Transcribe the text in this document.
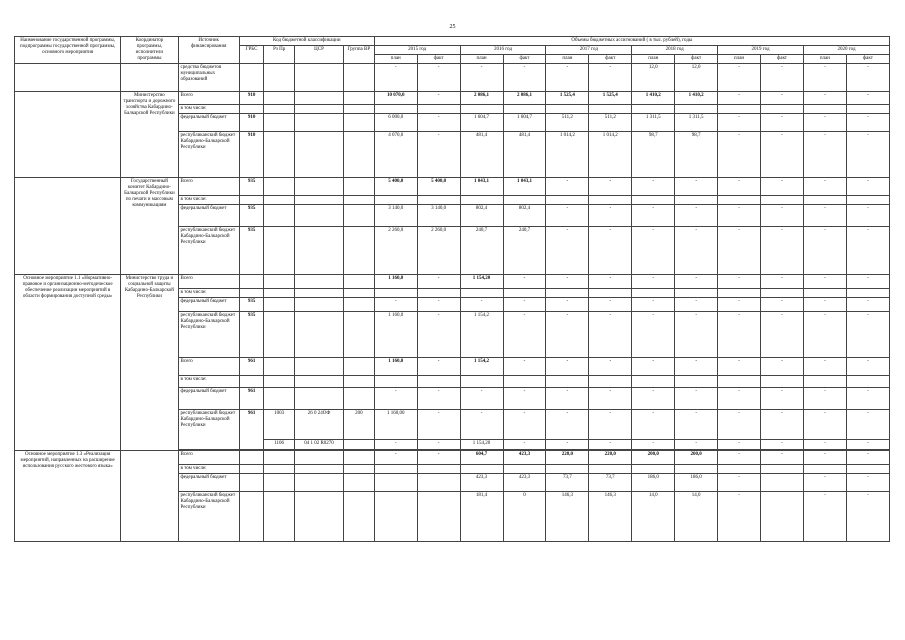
25
Наименование государственной программы, подпрограммы государственной программы, основного мероприятия	Координатор программы, исполнители программы	Источник финансирования	Код бюджетной классификации				Объемы бюджетных ассигнований ( в тыс. рублей), годы											
			ГРБС	Рз Пр	ЦСР	Группа ВР	2015 год		2016 год		2017 год		2018 год		2019 год		2020 год	
							план	факт	план	факт	план	факт	план	факт	план	факт	план	факт
		средства бюджетов муниципальных образований					-	-	-	-	-	-	12,0	12,0	-	-	-	-
	Министерство транспорта и дорожного хозяйства Кабардино-Балкарской Республики	Всего	910				10 070,0	-	2 086,1	2 086,1	1 525,4	1 525,4	1 410,2	1 410,2	-	-	-	-
		в том числе:																
		федеральный бюджет	910				6 000,0	-	1 604,7	1 604,7	511,2	511,2	1 311,5	1 311,5	-	-	-	-
		республиканский бюджет Кабардино-Балкарской Республики	910				4 070,0	-	481,4	481,4	1 014,2	1 014,2	98,7	98,7	-	-	-	-
	Государственный комитет Кабардино-Балкарской Республики по печати и массовым коммуникациям	Всего	935				5 400,0	5 400,0	1 043,1	1 043,1	-	-	-	-	-	-	-	-
		в том числе:																
		федеральный бюджет	935				3 140,0	3 140,0	802,4	802,4	-	-	-	-	-	-	-	-
		республиканский бюджет Кабардино-Балкарской Республики	935				2 260,0	2 260,0	240,7	240,7	-	-	-	-	-	-	-	-
Основное мероприятие 1.1 «Нормативно-правовое и организационно-методическое обеспечение реализации мероприятий в области формирования доступной среды»	Министерство труда и социальной защиты Кабардино-Балкарской Республики	Всего					1 160,0	-	1 154,20	-	-	-	-	-	-	-	-	-
		в том числе:																
		федеральный бюджет	935				-	-	-	-	-	-	-	-	-	-	-	-
		республиканский бюджет Кабардино-Балкарской Республики	935				1 160,0	-	1 154,2	-	-	-	-	-	-	-	-	-
		Всего	961				1 160,0	-	1 154,2	-	-	-	-	-	-	-	-	-
		в том числе:																
		федеральный бюджет	961				-	-	-	-	-	-	-	-	-	-	-	-
		республиканский бюджет Кабардино-Балкарской Республики	961	1003	26 0 24ОФ	200	1 160,00	-	-	-	-	-	-	-	-	-	-	-
				1106	04 1 02 R0270		-	-	1 154,20	-	-	-	-	-	-	-	-	-

Основное мероприятие 1.3 «Реализация мероприятий, направленных на расширение использования русского жестового языка»		Всего					-	-	604,7	423,3	220,0	220,0	200,0	200,0	-	-	-	-
		в том числе:																
		федеральный бюджет							423,3	423,3	73,7	73,7	186,0	186,0	-		-	-
		республиканский бюджет Кабардино-Балкарской Республики							181,4	0	146,3	146,3	14,0	14,0	-		-	-
